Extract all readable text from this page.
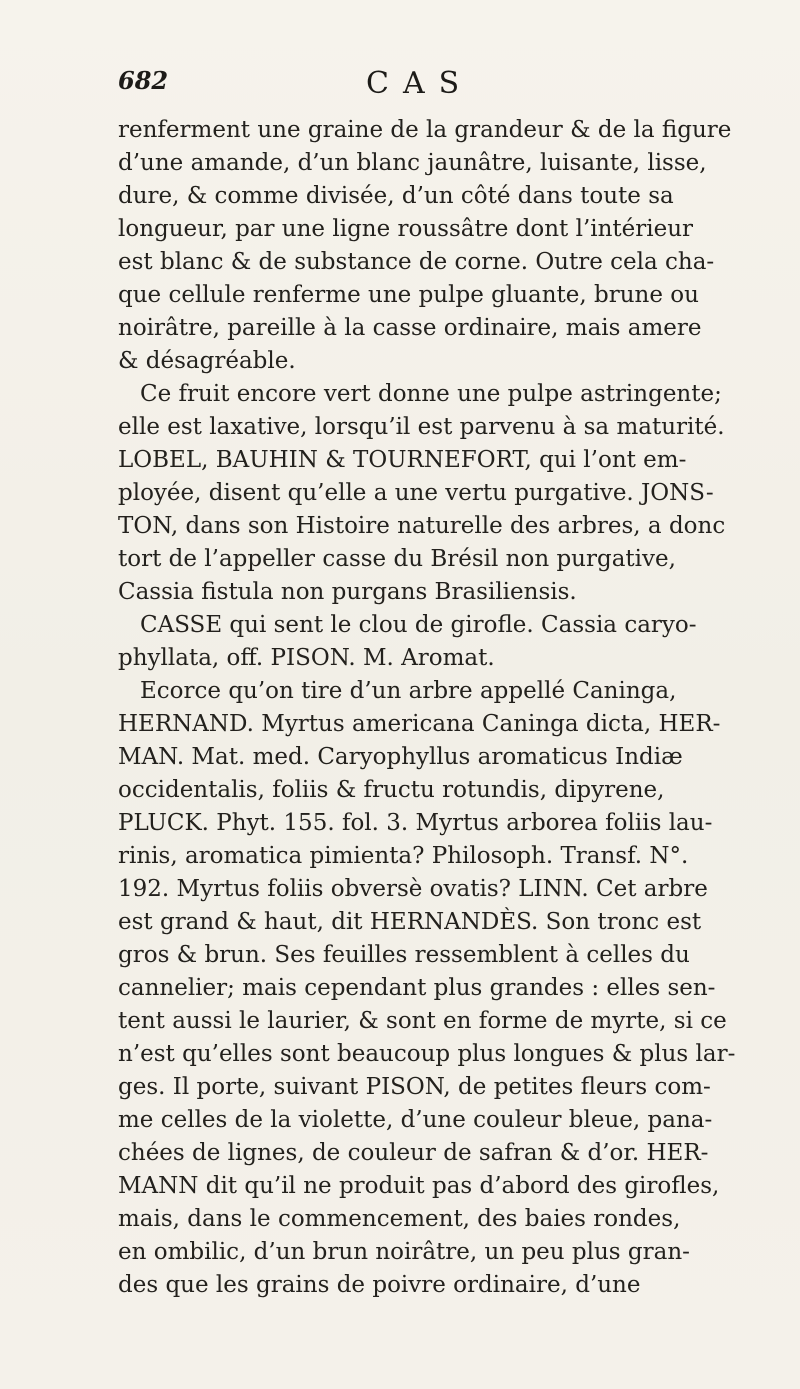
682	CAS
renferment une graine de la grandeur & de la figure
d’une amande, d’un blanc jaunâtre, luisante, lisse,
dure, & comme divisée, d’un côté dans toute sa
longueur, par une ligne roussâtre dont l’intérieur
est blanc & de substance de corne. Outre cela cha-
que cellule renferme une pulpe gluante, brune ou
noirâtre, pareille à la casse ordinaire, mais amere
& désagréable.
Ce fruit encore vert donne une pulpe astringente;
elle est laxative, lorsqu’il est parvenu à sa maturité.
LOBEL, BAUHIN & TOURNEFORT, qui l’ont em-
ployée, disent qu’elle a une vertu purgative. JONS-
TON, dans son Histoire naturelle des arbres, a donc
tort de l’appeller casse du Brésil non purgative,
Cassia fistula non purgans Brasiliensis.
CASSE qui sent le clou de girofle. Cassia caryo-
phyllata, off. PISON. M. Aromat.
Ecorce qu’on tire d’un arbre appellé Caninga,
HERNAND. Myrtus americana Caninga dicta, HER-
MAN. Mat. med. Caryophyllus aromaticus Indiæ
occidentalis, foliis & fructu rotundis, dipyrene,
PLUCK. Phyt. 155. fol. 3. Myrtus arborea foliis lau-
rinis, aromatica pimienta? Philosoph. Transf. N°.
192. Myrtus foliis obversè ovatis? LINN. Cet arbre
est grand & haut, dit HERNANDÈS. Son tronc est
gros & brun. Ses feuilles ressemblent à celles du
cannelier; mais cependant plus grandes : elles sen-
tent aussi le laurier, & sont en forme de myrte, si ce
n’est qu’elles sont beaucoup plus longues & plus lar-
ges. Il porte, suivant PISON, de petites fleurs com-
me celles de la violette, d’une couleur bleue, pana-
chées de lignes, de couleur de safran & d’or. HER-
MANN dit qu’il ne produit pas d’abord des girofles,
mais, dans le commencement, des baies rondes,
en ombilic, d’un brun noirâtre, un peu plus gran-
des que les grains de poivre ordinaire, d’une
